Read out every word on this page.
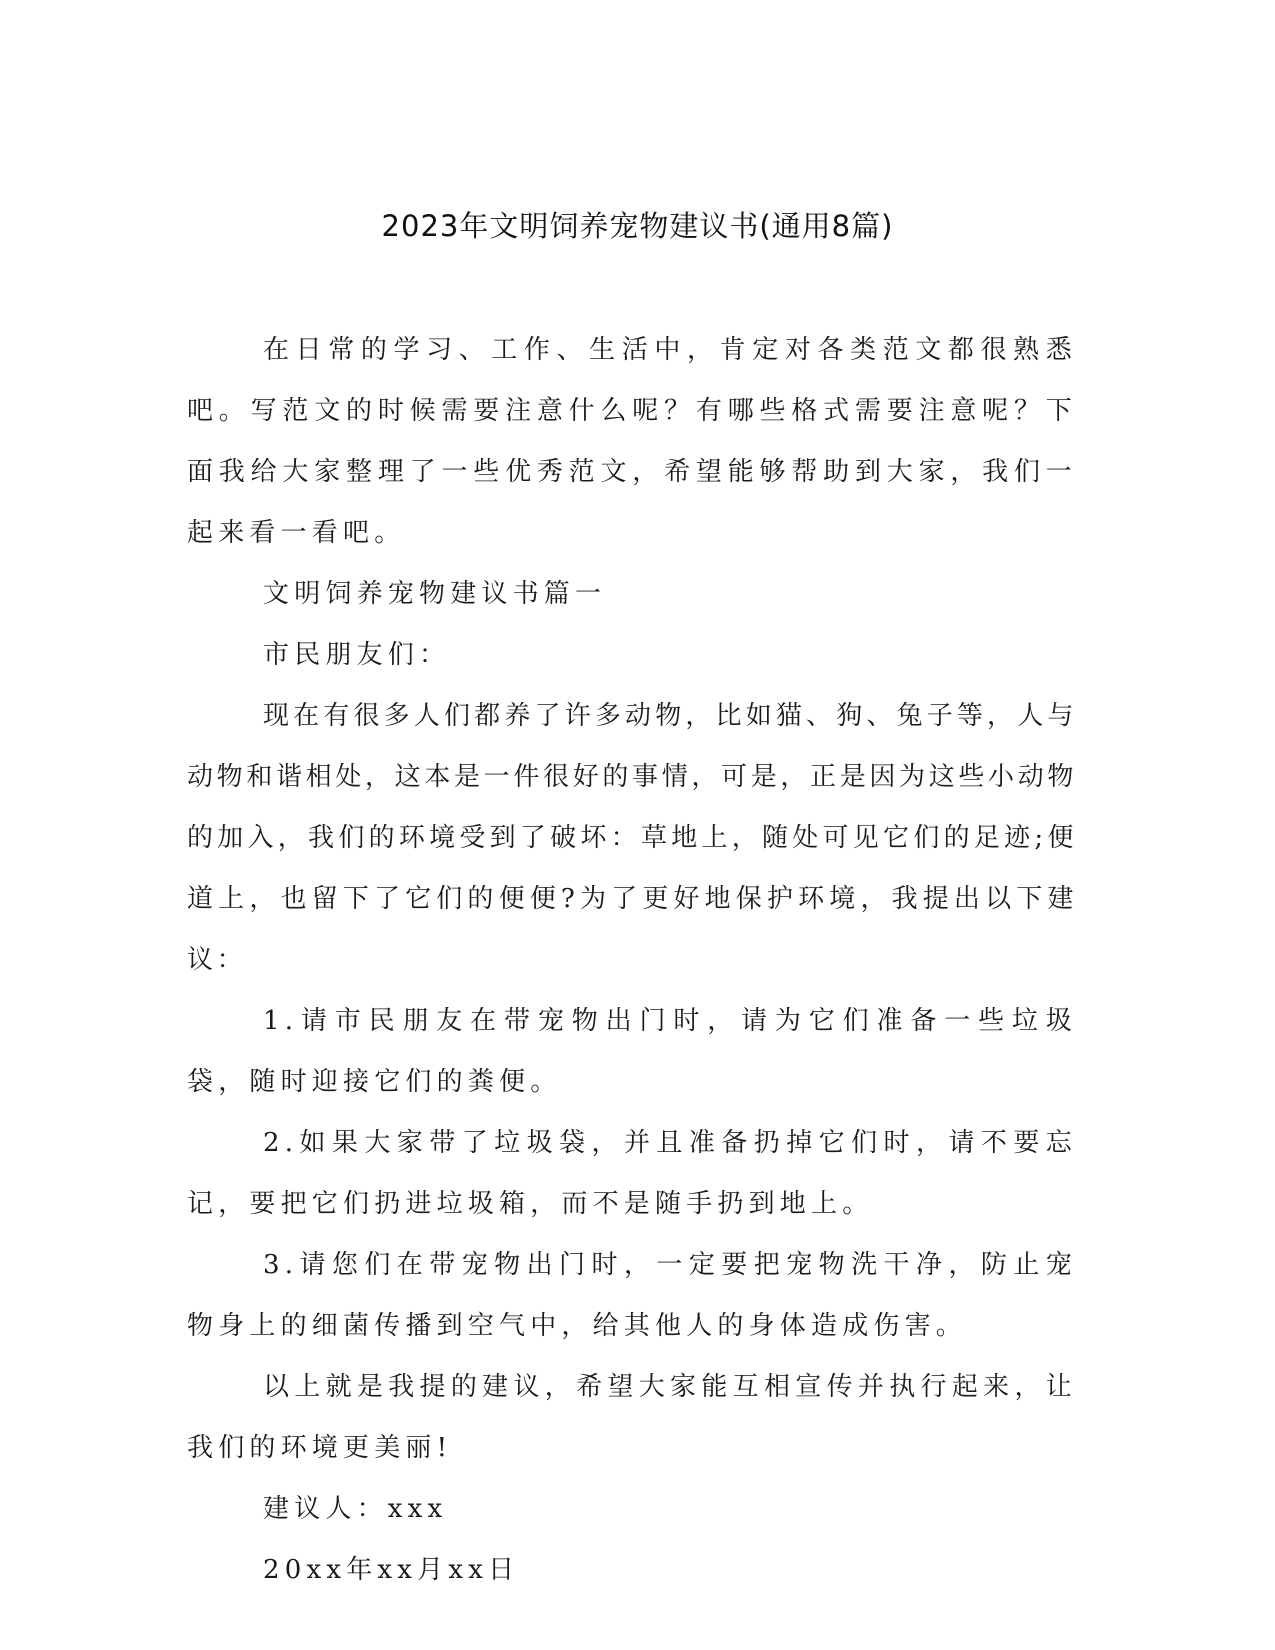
2023年文明饲养宠物建议书(通用8篇)

在日常的学习、工作、生活中，肯定对各类范文都很熟悉吧。写范文的时候需要注意什么呢？有哪些格式需要注意呢？下面我给大家整理了一些优秀范文，希望能够帮助到大家，我们一起来看一看吧。

文明饲养宠物建议书篇一

市民朋友们：

现在有很多人们都养了许多动物，比如猫、狗、兔子等，人与动物和谐相处，这本是一件很好的事情，可是，正是因为这些小动物的加入，我们的环境受到了破坏：草地上，随处可见它们的足迹;便道上，也留下了它们的便便?为了更好地保护环境，我提出以下建议：

1.请市民朋友在带宠物出门时，请为它们准备一些垃圾袋，随时迎接它们的粪便。

2.如果大家带了垃圾袋，并且准备扔掉它们时，请不要忘记，要把它们扔进垃圾箱，而不是随手扔到地上。

3.请您们在带宠物出门时，一定要把宠物洗干净，防止宠物身上的细菌传播到空气中，给其他人的身体造成伤害。

以上就是我提的建议，希望大家能互相宣传并执行起来，让我们的环境更美丽!

建议人：xxx

20xx年xx月xx日
